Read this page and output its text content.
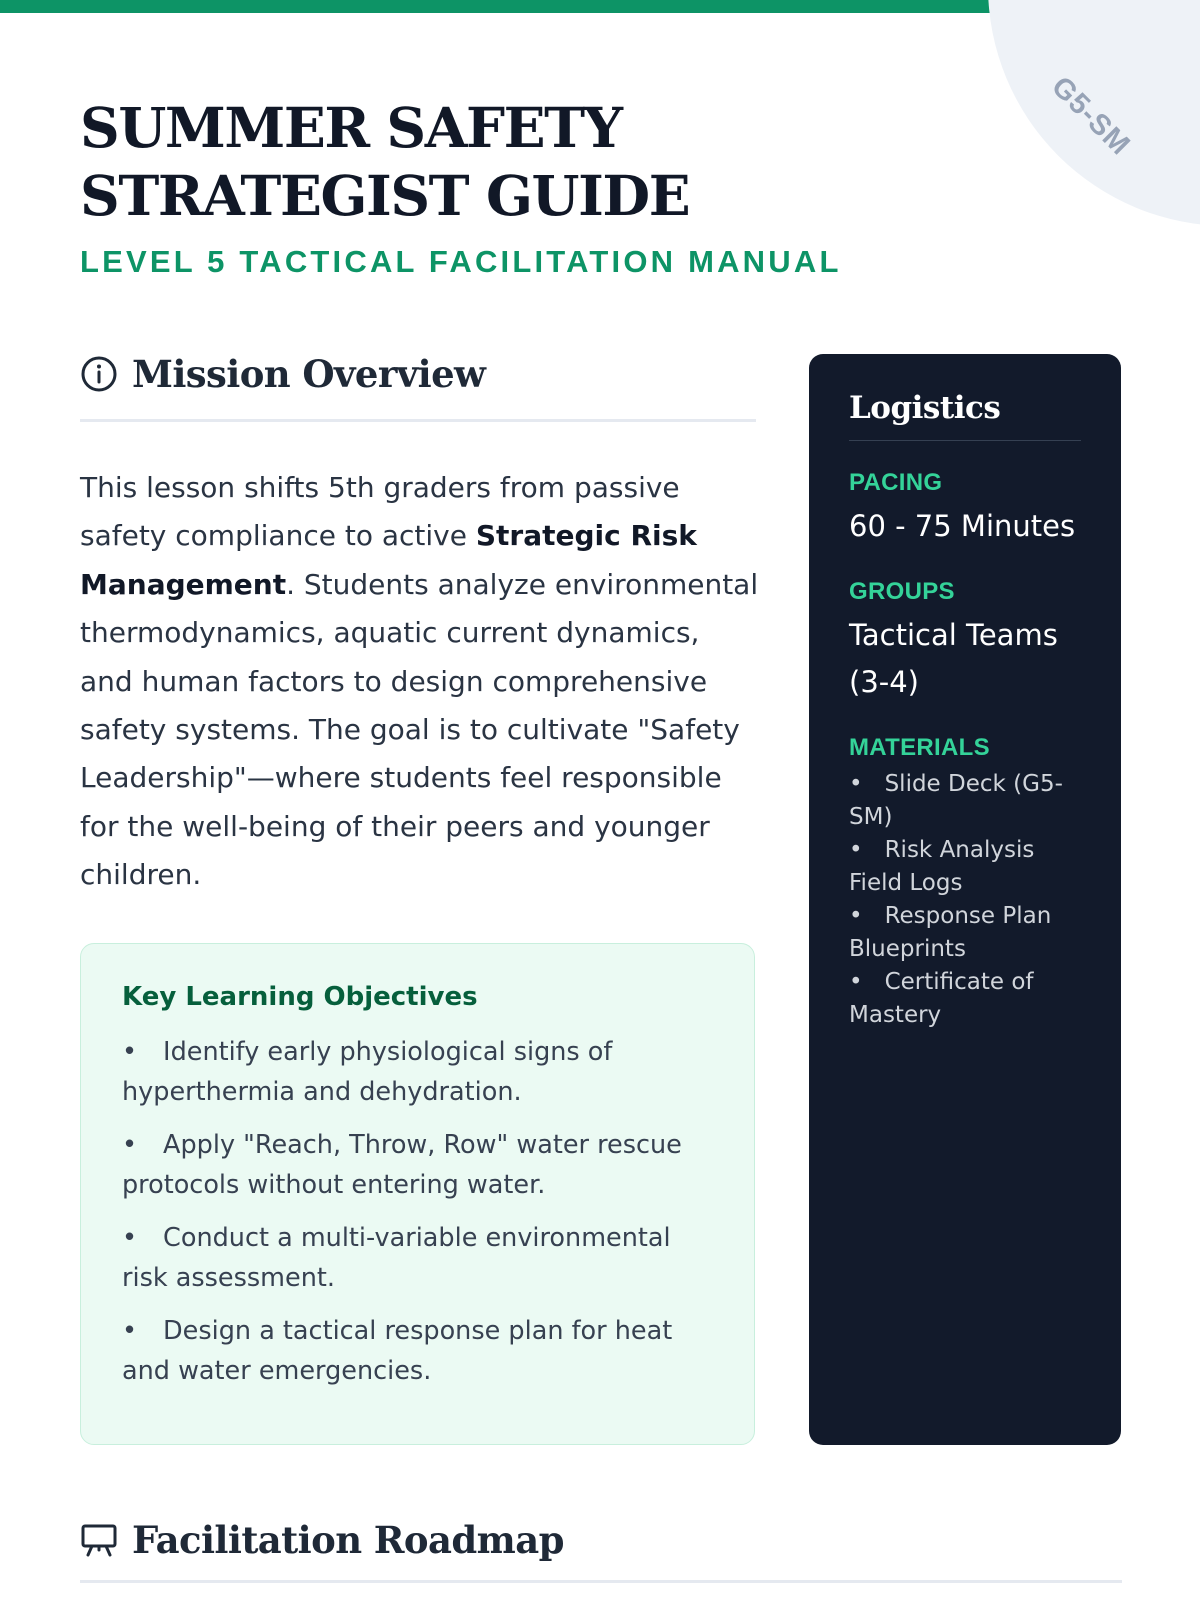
G5-SM
SUMMER SAFETY STRATEGIST GUIDE
LEVEL 5 TACTICAL FACILITATION MANUAL
Mission Overview

This lesson shifts 5th graders from passive safety compliance to active Strategic Risk Management. Students analyze environmental thermodynamics, aquatic current dynamics, and human factors to design comprehensive safety systems. The goal is to cultivate "Safety Leadership"—where students feel responsible for the well-being of their peers and younger children.

Key Learning Objectives
• Identify early physiological signs of hyperthermia and dehydration.
• Apply "Reach, Throw, Row" water rescue protocols without entering water.
• Conduct a multi-variable environmental risk assessment.
• Design a tactical response plan for heat and water emergencies.
Logistics
PACING
60 - 75 Minutes
GROUPS
Tactical Teams (3-4)
MATERIALS
• Slide Deck (G5-SM)
• Risk Analysis Field Logs
• Response Plan Blueprints
• Certificate of Mastery
Facilitation Roadmap
